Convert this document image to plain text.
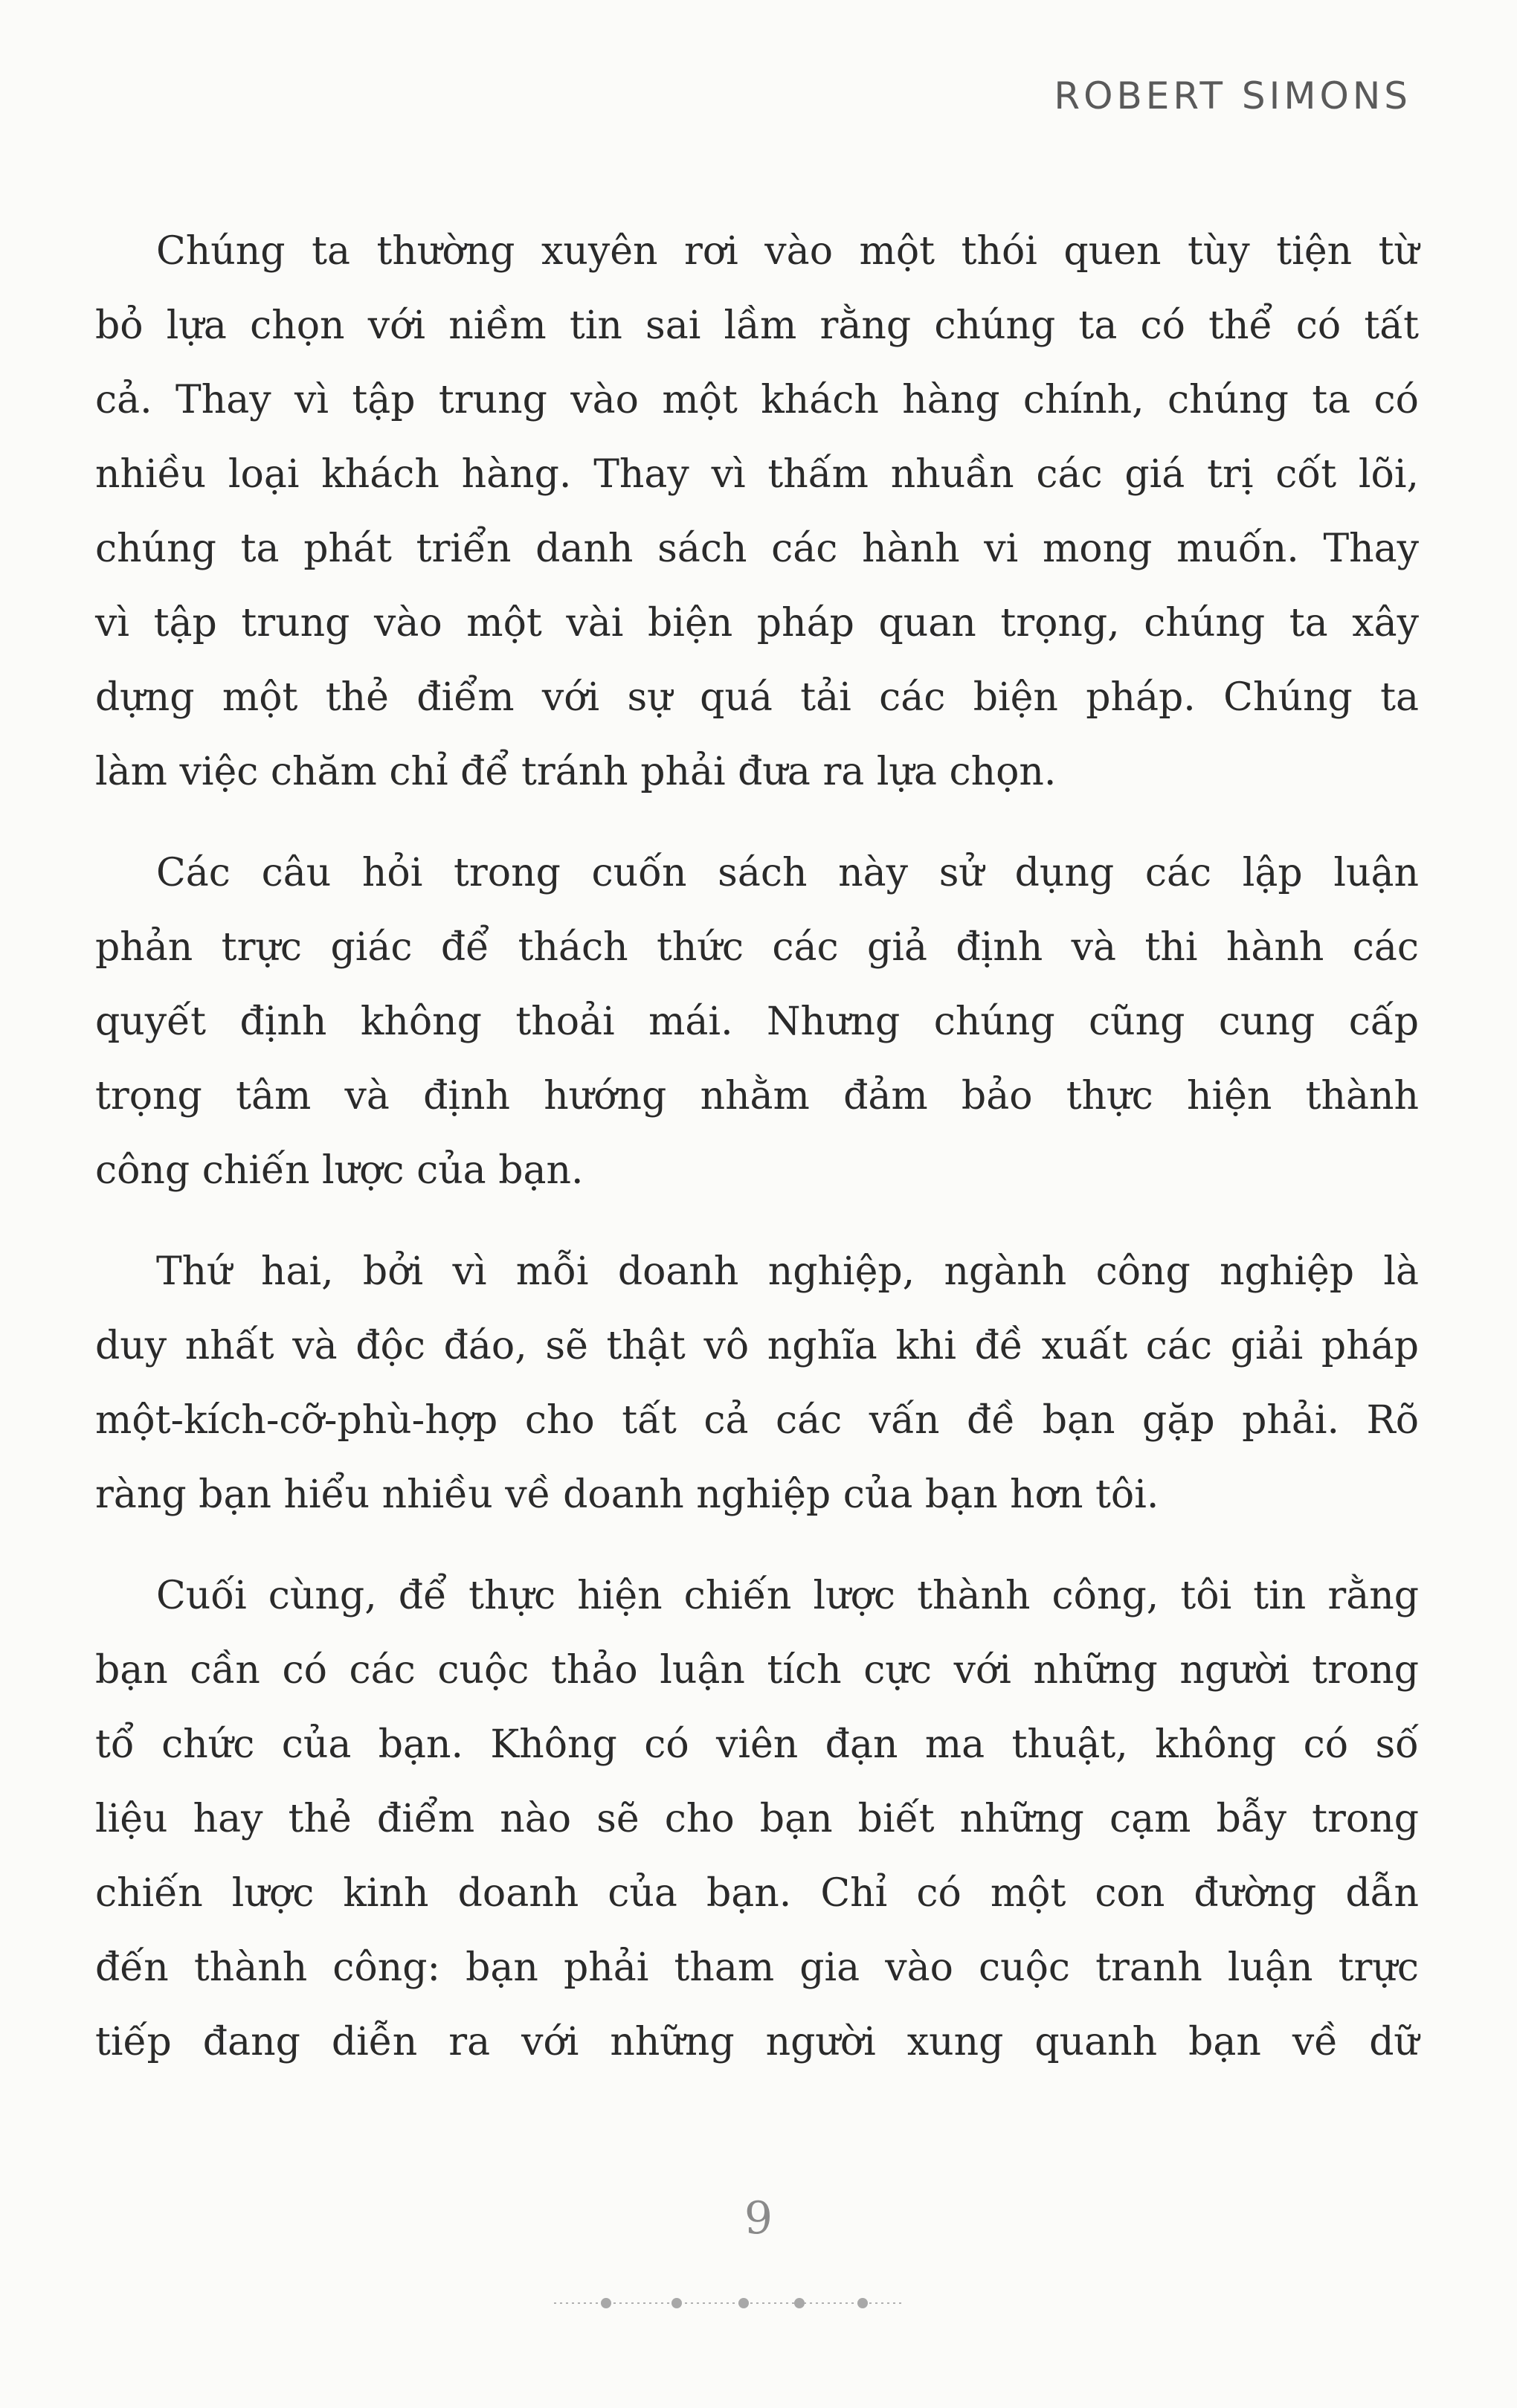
ROBERT SIMONS
Chúng ta thường xuyên rơi vào một thói quen tùy tiện từ
bỏ lựa chọn với niềm tin sai lầm rằng chúng ta có thể có tất
cả. Thay vì tập trung vào một khách hàng chính, chúng ta có
nhiều loại khách hàng. Thay vì thấm nhuần các giá trị cốt lõi,
chúng ta phát triển danh sách các hành vi mong muốn. Thay
vì tập trung vào một vài biện pháp quan trọng, chúng ta xây
dựng một thẻ điểm với sự quá tải các biện pháp. Chúng ta
làm việc chăm chỉ để tránh phải đưa ra lựa chọn.
Các câu hỏi trong cuốn sách này sử dụng các lập luận
phản trực giác để thách thức các giả định và thi hành các
quyết định không thoải mái. Nhưng chúng cũng cung cấp
trọng tâm và định hướng nhằm đảm bảo thực hiện thành
công chiến lược của bạn.
Thứ hai, bởi vì mỗi doanh nghiệp, ngành công nghiệp là
duy nhất và độc đáo, sẽ thật vô nghĩa khi đề xuất các giải pháp
một-kích-cỡ-phù-hợp cho tất cả các vấn đề bạn gặp phải. Rõ
ràng bạn hiểu nhiều về doanh nghiệp của bạn hơn tôi.
Cuối cùng, để thực hiện chiến lược thành công, tôi tin rằng
bạn cần có các cuộc thảo luận tích cực với những người trong
tổ chức của bạn. Không có viên đạn ma thuật, không có số
liệu hay thẻ điểm nào sẽ cho bạn biết những cạm bẫy trong
chiến lược kinh doanh của bạn. Chỉ có một con đường dẫn
đến thành công: bạn phải tham gia vào cuộc tranh luận trực
tiếp đang diễn ra với những người xung quanh bạn về dữ
9
